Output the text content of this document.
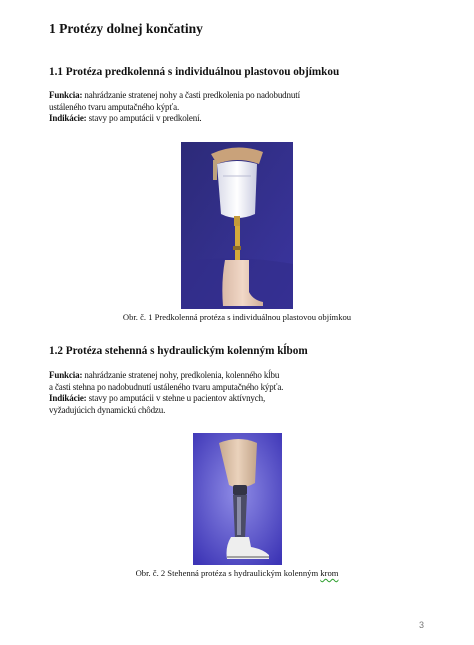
1 Protézy dolnej končatiny
1.1 Protéza predkolenná s individuálnou plastovou objímkou

Funkcia: nahrádzanie stratenej nohy a časti predkolenia po nadobudnutí
ustáleného tvaru amputačného kýpťa.
Indikácie: stavy po amputácii v predkolení.

Obr. č. 1 Predkolenná protéza s individuálnou plastovou objímkou

1.2 Protéza stehenná s hydraulickým kolenným kĺbom

Funkcia: nahrádzanie stratenej nohy, predkolenia, kolenného kĺbu
a časti stehna po nadobudnutí ustáleného tvaru amputačného kýpťa.
Indikácie: stavy po amputácii v stehne u pacientov aktívnych,
vyžadujúcich dynamickú chôdzu.

Obr. č. 2 Stehenná protéza s hydraulickým kolenným krom

3
